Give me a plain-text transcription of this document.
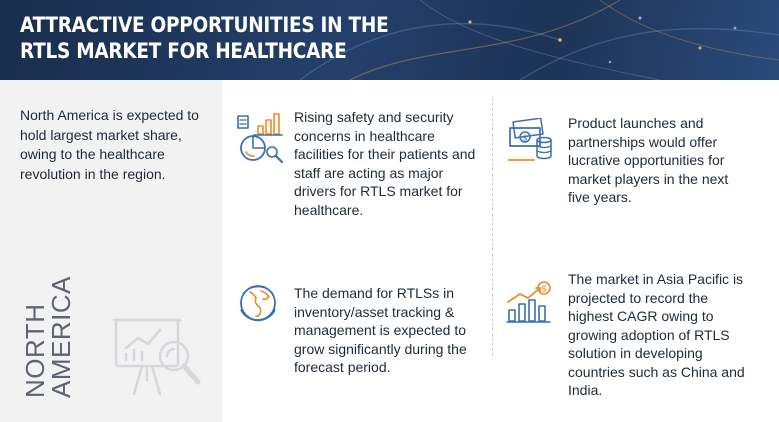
ATTRACTIVE OPPORTUNITIES IN THE
RTLS MARKET FOR HEALTHCARE

North America is expected to hold largest market share, owing to the healthcare revolution in the region.

NORTH
AMERICA

Rising safety and security concerns in healthcare facilities for their patients and staff are acting as major drivers for RTLS market for healthcare.

$

Product launches and partnerships would offer lucrative opportunities for market players in the next five years.

The demand for RTLSs in inventory/asset tracking & management is expected to grow significantly during the forecast period.

$

The market in Asia Pacific is projected to record the highest CAGR owing to growing adoption of RTLS solution in developing countries such as China and India.
